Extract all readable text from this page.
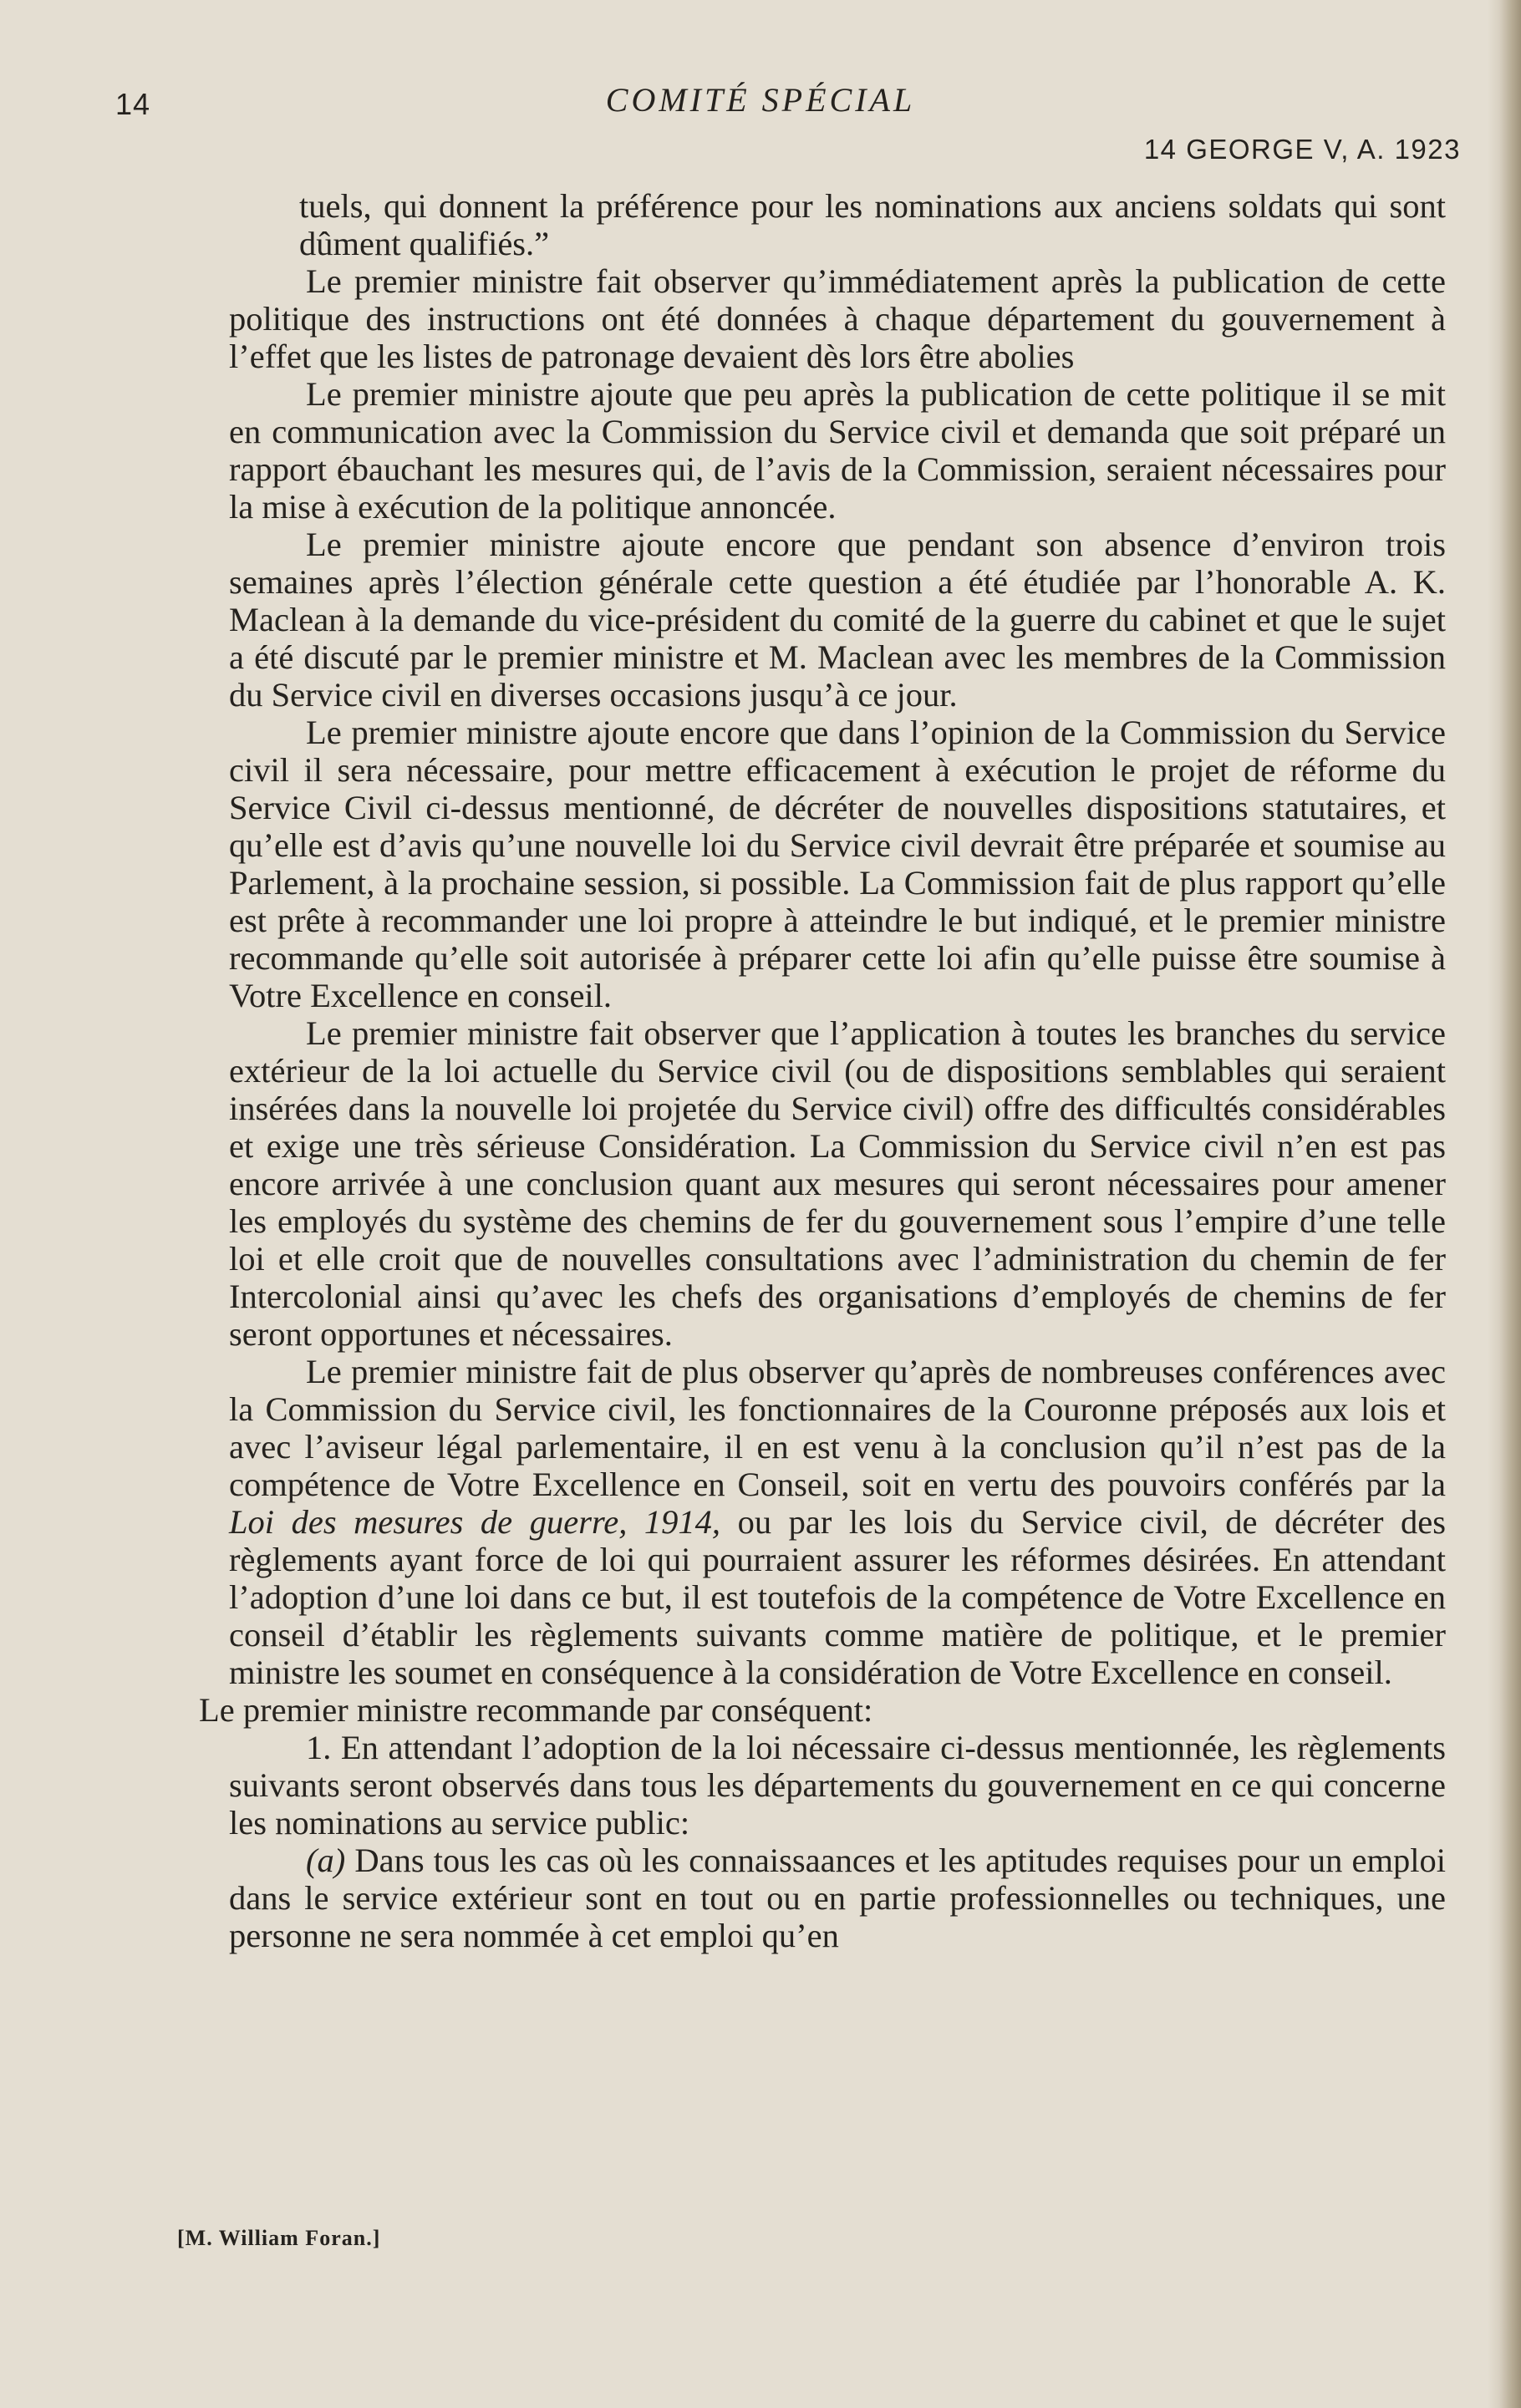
14	COMITÉ SPÉCIAL
14 GEORGE V, A. 1923

tuels, qui donnent la préférence pour les nominations aux anciens soldats qui sont dûment qualifiés.”

Le premier ministre fait observer qu’immédiatement après la publication de cette politique des instructions ont été données à chaque département du gouvernement à l’effet que les listes de patronage devaient dès lors être abolies

Le premier ministre ajoute que peu après la publication de cette politique il se mit en communication avec la Commission du Service civil et demanda que soit préparé un rapport ébauchant les mesures qui, de l’avis de la Commission, seraient nécessaires pour la mise à exécution de la politique annoncée.

Le premier ministre ajoute encore que pendant son absence d’environ trois semaines après l’élection générale cette question a été étudiée par l’honorable A. K. Maclean à la demande du vice-président du comité de la guerre du cabinet et que le sujet a été discuté par le premier ministre et M. Maclean avec les membres de la Commission du Service civil en diverses occasions jusqu’à ce jour.

Le premier ministre ajoute encore que dans l’opinion de la Commission du Service civil il sera nécessaire, pour mettre efficacement à exécution le projet de réforme du Service Civil ci-dessus mentionné, de décréter de nouvelles dispositions statutaires, et qu’elle est d’avis qu’une nouvelle loi du Service civil devrait être préparée et soumise au Parlement, à la prochaine session, si possible. La Commission fait de plus rapport qu’elle est prête à recommander une loi propre à atteindre le but indiqué, et le premier ministre recommande qu’elle soit autorisée à préparer cette loi afin qu’elle puisse être soumise à Votre Excellence en conseil.

Le premier ministre fait observer que l’application à toutes les branches du service extérieur de la loi actuelle du Service civil (ou de dispositions semblables qui seraient insérées dans la nouvelle loi projetée du Service civil) offre des difficultés considérables et exige une très sérieuse Considération. La Commission du Service civil n’en est pas encore arrivée à une conclusion quant aux mesures qui seront nécessaires pour amener les employés du système des chemins de fer du gouvernement sous l’empire d’une telle loi et elle croit que de nouvelles consultations avec l’administration du chemin de fer Intercolonial ainsi qu’avec les chefs des organisations d’employés de chemins de fer seront opportunes et nécessaires.

Le premier ministre fait de plus observer qu’après de nombreuses conférences avec la Commission du Service civil, les fonctionnaires de la Couronne préposés aux lois et avec l’aviseur légal parlementaire, il en est venu à la conclusion qu’il n’est pas de la compétence de Votre Excellence en Conseil, soit en vertu des pouvoirs conférés par la Loi des mesures de guerre, 1914, ou par les lois du Service civil, de décréter des règlements ayant force de loi qui pourraient assurer les réformes désirées. En attendant l’adoption d’une loi dans ce but, il est toutefois de la compétence de Votre Excellence en conseil d’établir les règlements suivants comme matière de politique, et le premier ministre les soumet en conséquence à la considération de Votre Excellence en conseil.

Le premier ministre recommande par conséquent:

1. En attendant l’adoption de la loi nécessaire ci-dessus mentionnée, les règlements suivants seront observés dans tous les départements du gouvernement en ce qui concerne les nominations au service public:

(a) Dans tous les cas où les connaissaances et les aptitudes requises pour un emploi dans le service extérieur sont en tout ou en partie professionnelles ou techniques, une personne ne sera nommée à cet emploi qu’en

[M. William Foran.]
